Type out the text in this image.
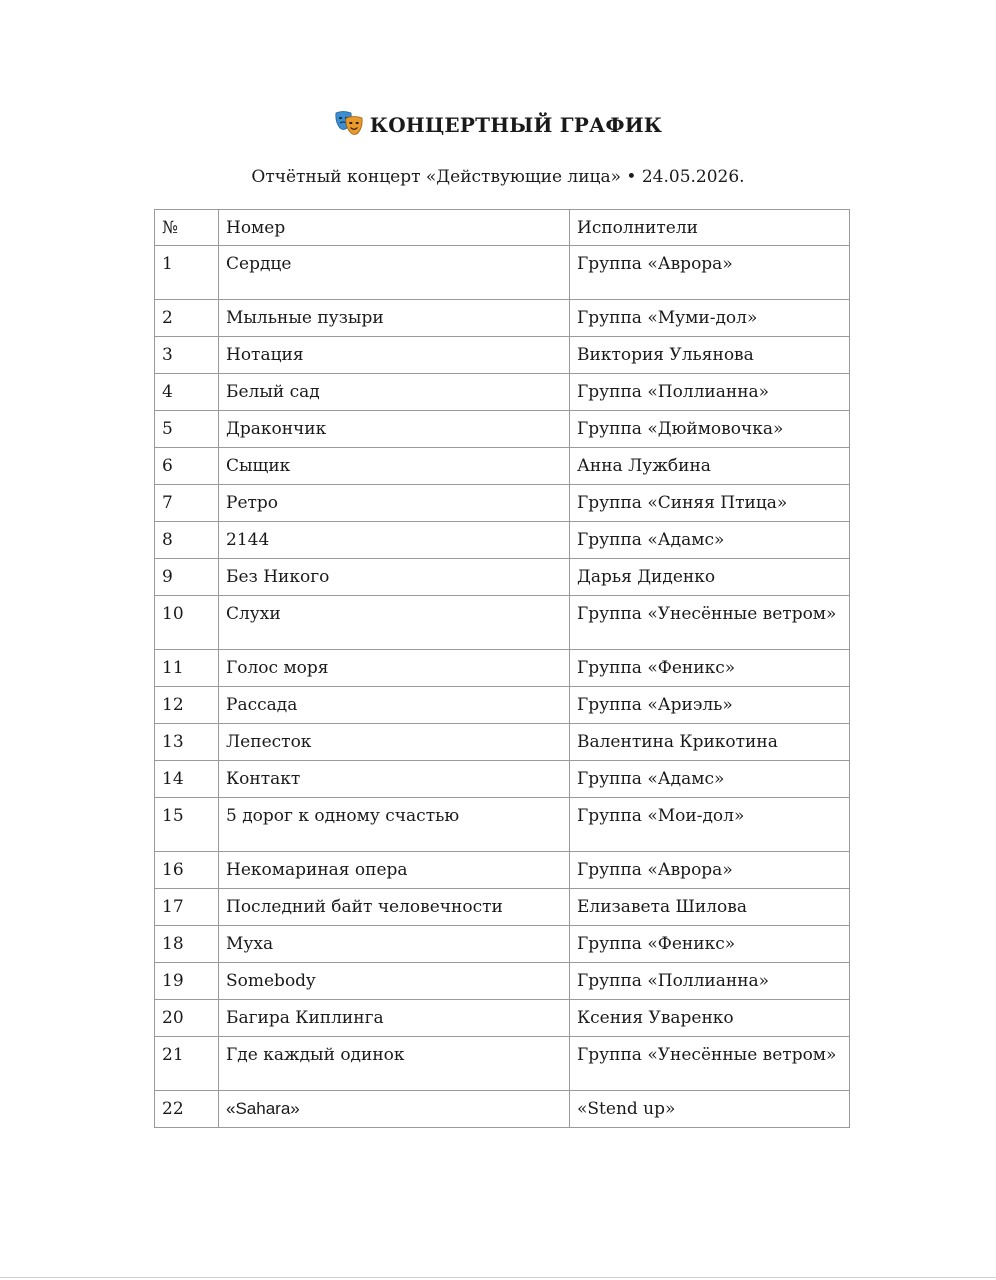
КОНЦЕРТНЫЙ ГРАФИК
Отчётный концерт «Действующие лица» • 24.05.2026.
№	Номер	Исполнители
1	Сердце	Группа «Аврора»
2	Мыльные пузыри	Группа «Муми-дол»
3	Нотация	Виктория Ульянова
4	Белый сад	Группа «Поллианна»
5	Дракончик	Группа «Дюймовочка»
6	Сыщик	Анна Лужбина
7	Ретро	Группа «Синяя Птица»
8	2144	Группа «Адамс»
9	Без Никого	Дарья Диденко
10	Слухи	Группа «Унесённые ветром»
11	Голос моря	Группа «Феникс»
12	Рассада	Группа «Ариэль»
13	Лепесток	Валентина Крикотина
14	Контакт	Группа «Адамс»
15	5 дорог к одному счастью	Группа «Мои-дол»
16	Некомариная опера	Группа «Аврора»
17	Последний байт человечности	Елизавета Шилова
18	Муха	Группа «Феникс»
19	Somebody	Группа «Поллианна»
20	Багира Киплинга	Ксения Уваренко
21	Где каждый одинок	Группа «Унесённые ветром»
22	«Sahara»	«Stend up»
